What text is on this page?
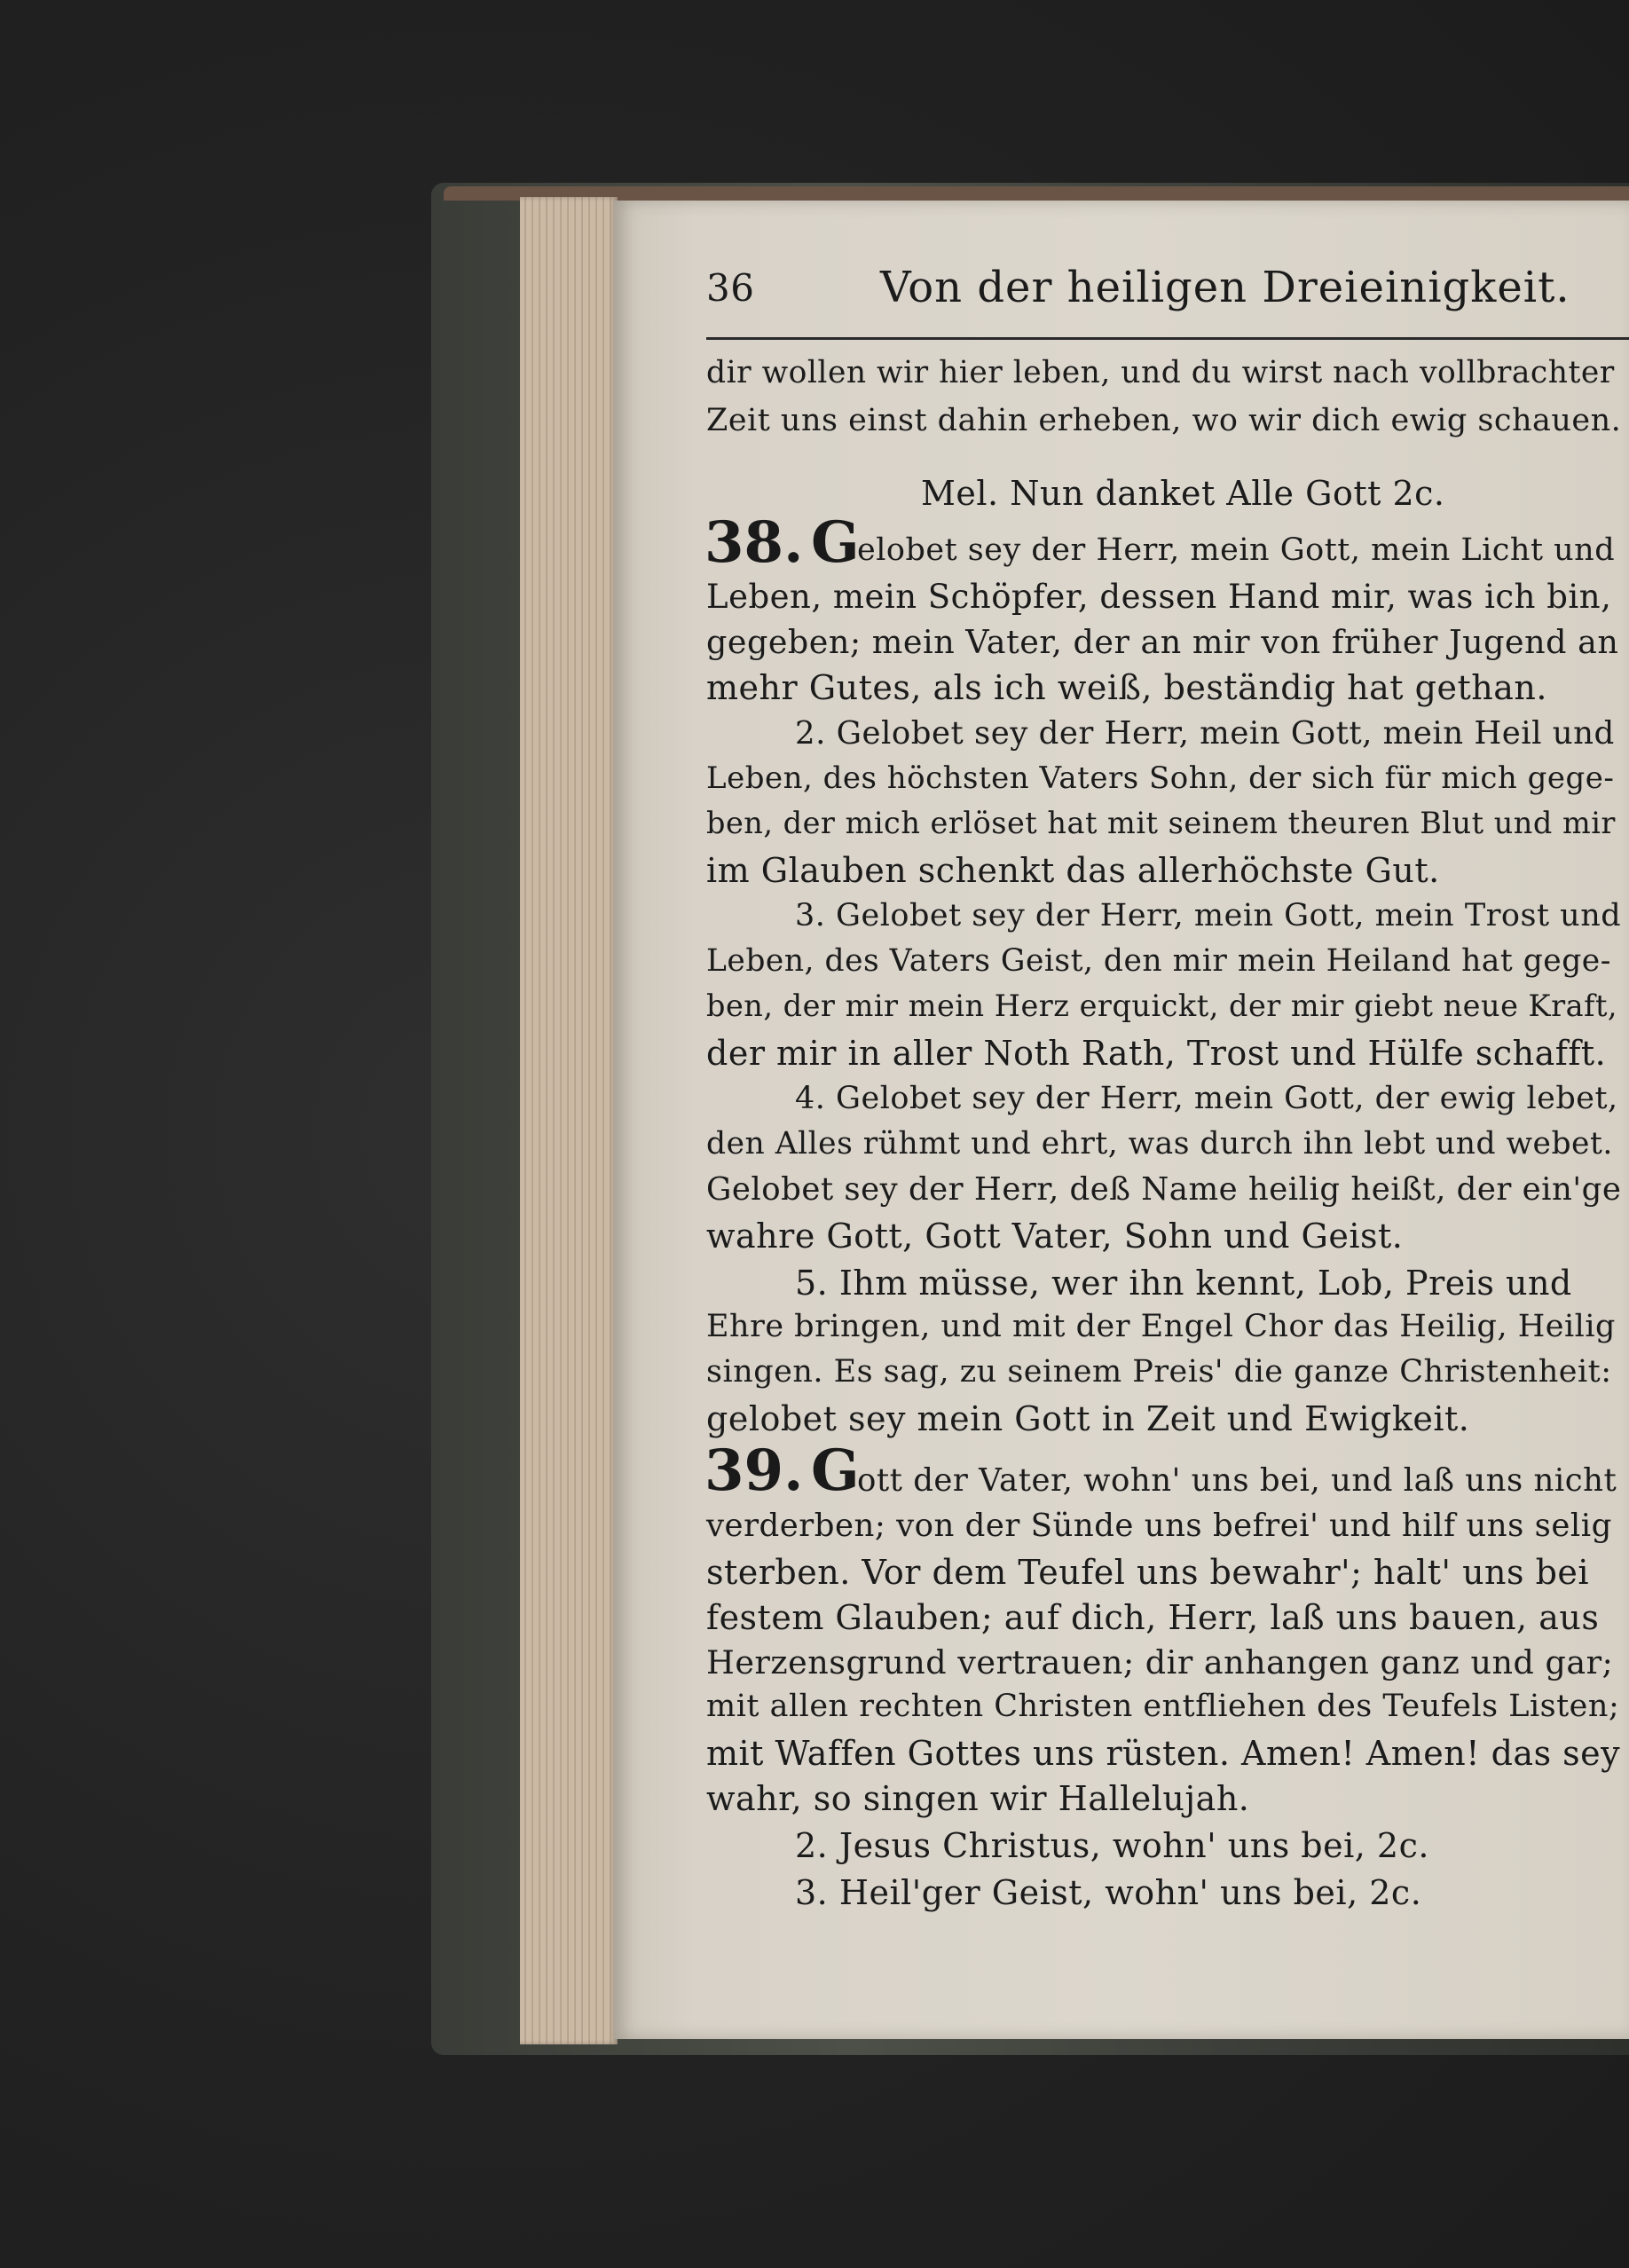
36	Von der heiligen Dreieinigkeit.
dir wollen wir hier leben, und du wirst nach vollbrachter
Zeit uns einst dahin erheben, wo wir dich ewig schauen.
Mel. Nun danket Alle Gott 2c.
38. G
elobet sey der Herr, mein Gott, mein Licht und
Leben, mein Schöpfer, dessen Hand mir, was ich bin,
gegeben; mein Vater, der an mir von früher Jugend an
mehr Gutes, als ich weiß, beständig hat gethan.
2. Gelobet sey der Herr, mein Gott, mein Heil und
Leben, des höchsten Vaters Sohn, der sich für mich gege-
ben, der mich erlöset hat mit seinem theuren Blut und mir
im Glauben schenkt das allerhöchste Gut.
3. Gelobet sey der Herr, mein Gott, mein Trost und
Leben, des Vaters Geist, den mir mein Heiland hat gege-
ben, der mir mein Herz erquickt, der mir giebt neue Kraft,
der mir in aller Noth Rath, Trost und Hülfe schafft.
4. Gelobet sey der Herr, mein Gott, der ewig lebet,
den Alles rühmt und ehrt, was durch ihn lebt und webet.
Gelobet sey der Herr, deß Name heilig heißt, der ein'ge
wahre Gott, Gott Vater, Sohn und Geist.
5. Ihm müsse, wer ihn kennt, Lob, Preis und
Ehre bringen, und mit der Engel Chor das Heilig, Heilig
singen. Es sag, zu seinem Preis' die ganze Christenheit:
gelobet sey mein Gott in Zeit und Ewigkeit.
39. G
ott der Vater, wohn' uns bei, und laß uns nicht
verderben; von der Sünde uns befrei' und hilf uns selig
sterben. Vor dem Teufel uns bewahr'; halt' uns bei
festem Glauben; auf dich, Herr, laß uns bauen, aus
Herzensgrund vertrauen; dir anhangen ganz und gar;
mit allen rechten Christen entfliehen des Teufels Listen;
mit Waffen Gottes uns rüsten. Amen! Amen! das sey
wahr, so singen wir Hallelujah.
2. Jesus Christus, wohn' uns bei, 2c.
3. Heil'ger Geist, wohn' uns bei, 2c.
